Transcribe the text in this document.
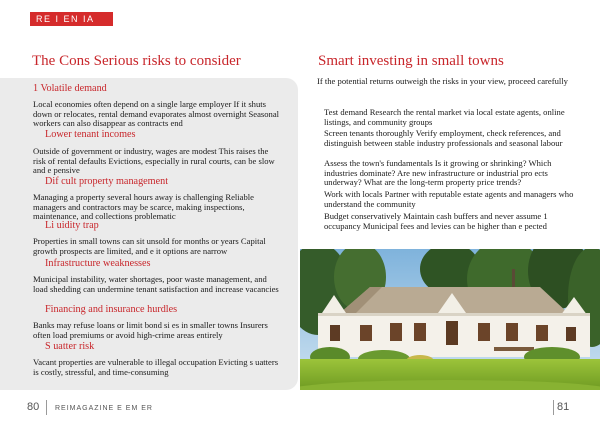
RE I EN IA
The Cons Serious risks to consider
1 Volatile demand
Local economies often depend on a single large employer If it shuts down or relocates, rental demand evaporates almost overnight Seasonal workers can also disappear as contracts end
Lower tenant incomes
Outside of government or industry, wages are modest This raises the risk of rental defaults Evictions, especially in rural courts, can be slow and e pensive
Dif cult property management
Managing a property several hours away is challenging Reliable managers and contractors may be scarce, making inspections, maintenance, and collections problematic
Li uidity trap
Properties in small towns can sit unsold for months or years Capital growth prospects are limited, and e it options are narrow
Infrastructure weaknesses
Municipal instability, water shortages, poor waste management, and load shedding can undermine tenant satisfaction and increase vacancies
Financing and insurance hurdles
Banks may refuse loans or limit bond si es in smaller towns Insurers often load premiums or avoid high-crime areas entirely
S uatter risk
Vacant properties are vulnerable to illegal occupation Evicting s uatters is costly, stressful, and time-consuming
80 REIMAGAZINE E EM ER
Smart investing in small towns
If the potential returns outweigh the risks in your view, proceed carefully
Test demand Research the rental market via local estate agents, online listings, and community groups
Screen tenants thoroughly Verify employment, check references, and distinguish between stable industry professionals and seasonal labour
Assess the town's fundamentals Is it growing or shrinking? Which industries dominate? Are new infrastructure or industrial pro ects underway? What are the long-term property price trends?
Work with locals Partner with reputable estate agents and managers who understand the community
Budget conservatively Maintain cash buffers and never assume 1 occupancy Municipal fees and levies can be higher than e pected
81
